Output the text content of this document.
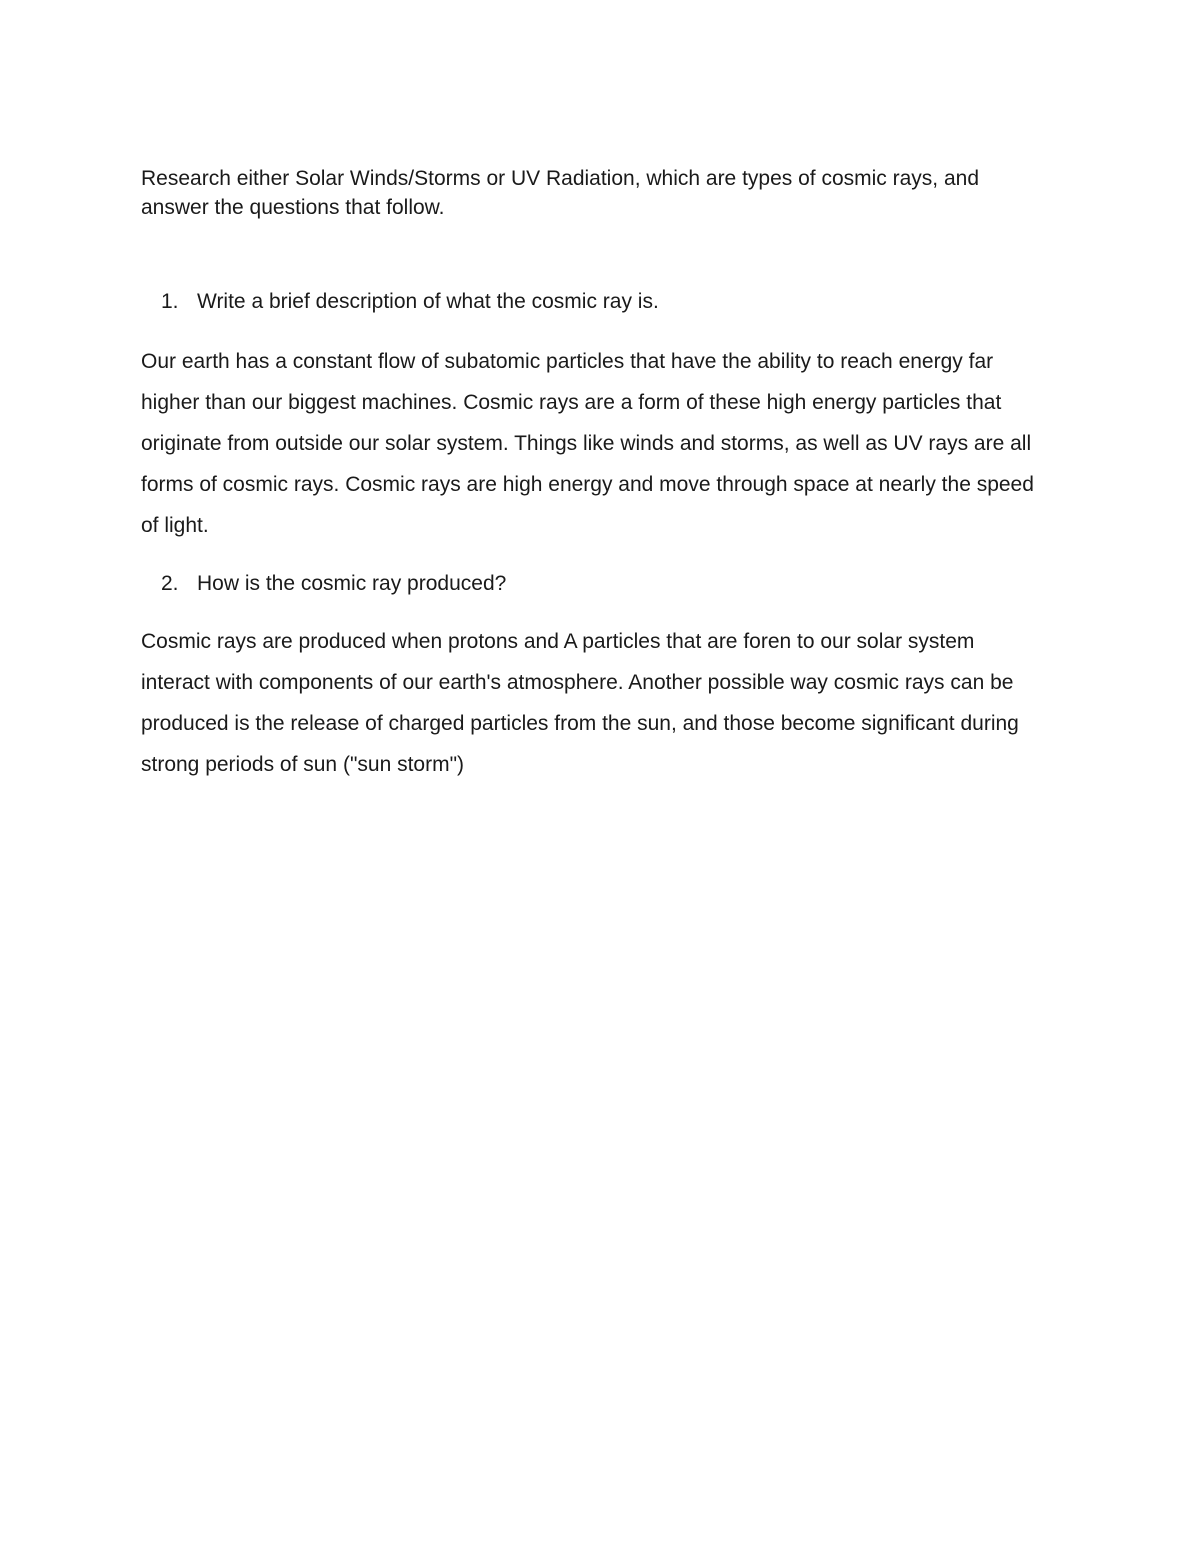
Research either Solar Winds/Storms or UV Radiation, which are types of cosmic rays, and answer the questions that follow.

1. Write a brief description of what the cosmic ray is.

Our earth has a constant flow of subatomic particles that have the ability to reach energy far higher than our biggest machines. Cosmic rays are a form of these high energy particles that originate from outside our solar system. Things like winds and storms, as well as UV rays are all forms of cosmic rays. Cosmic rays are high energy and move through space at nearly the speed of light.

2. How is the cosmic ray produced?

Cosmic rays are produced when protons and A particles that are foren to our solar system interact with components of our earth's atmosphere. Another possible way cosmic rays can be produced is the release of charged particles from the sun, and those become significant during strong periods of sun ("sun storm")
